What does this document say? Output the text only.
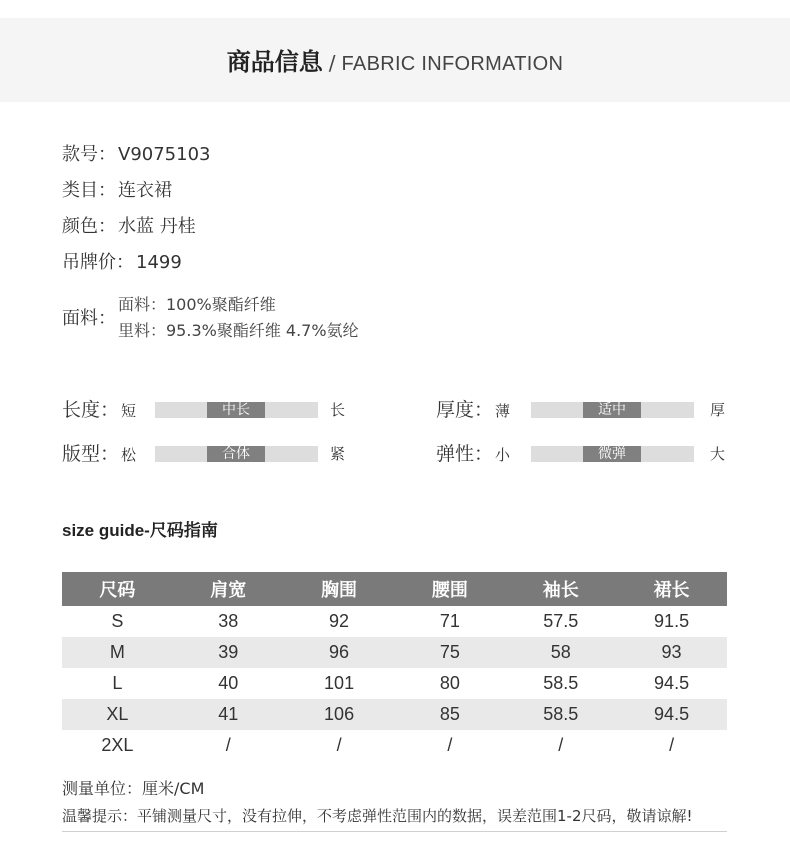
商品信息 / FABRIC INFORMATION
款号： V9075103
类目： 连衣裙
颜色： 水蓝 丹桂
吊牌价： 1499
面料：
面料：100%聚酯纤维
里料：95.3%聚酯纤维 4.7%氨纶
长度： 短	中长	长
版型： 松	合体	紧
厚度： 薄	适中	厚
弹性： 小	微弹	大
size guide-尺码指南
尺码	肩宽	胸围	腰围	袖长	裙长
S	38	92	71	57.5	91.5
M	39	96	75	58	93
L	40	101	80	58.5	94.5
XL	41	106	85	58.5	94.5
2XL	/	/	/	/	/
测量单位：厘米/CM
温馨提示：平铺测量尺寸，没有拉伸，不考虑弹性范围内的数据，误差范围1-2尺码，敬请谅解!
